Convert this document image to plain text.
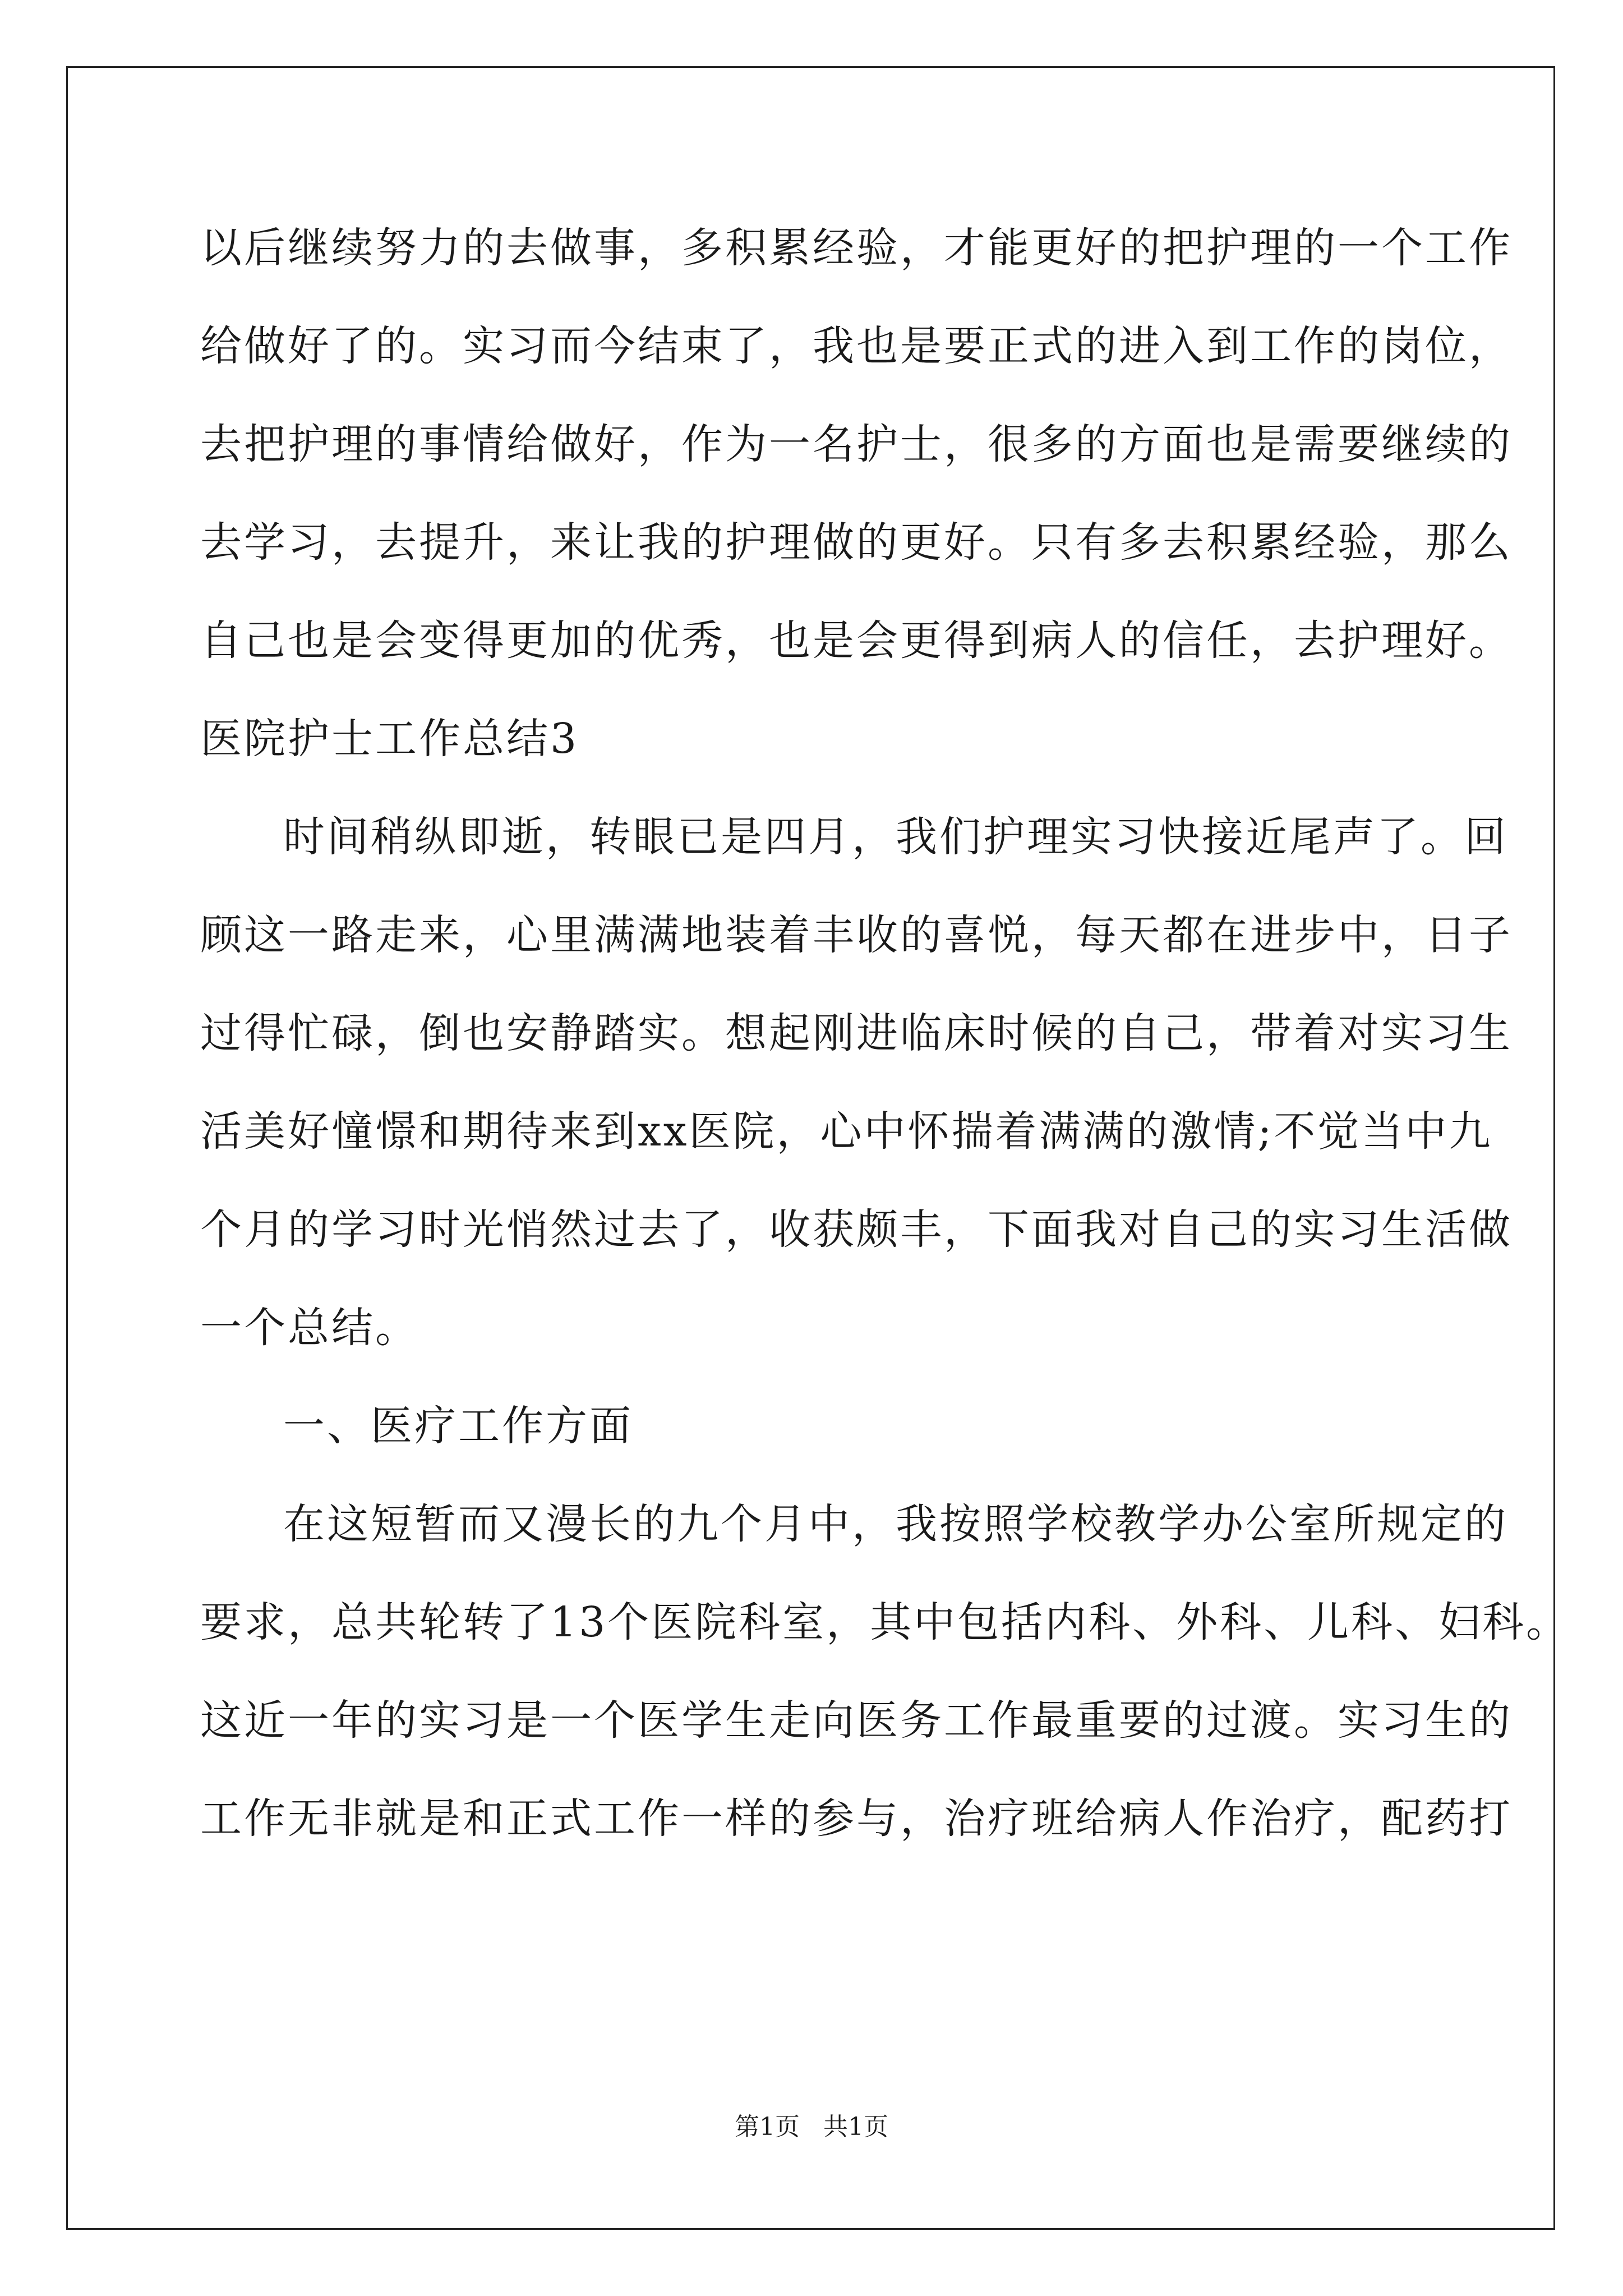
以后继续努力的去做事，多积累经验，才能更好的把护理的一个工作
给做好了的。实习而今结束了，我也是要正式的进入到工作的岗位，
去把护理的事情给做好，作为一名护士，很多的方面也是需要继续的
去学习，去提升，来让我的护理做的更好。只有多去积累经验，那么
自己也是会变得更加的优秀，也是会更得到病人的信任，去护理好。
医院护士工作总结3
时间稍纵即逝，转眼已是四月，我们护理实习快接近尾声了。回
顾这一路走来，心里满满地装着丰收的喜悦，每天都在进步中，日子
过得忙碌，倒也安静踏实。想起刚进临床时候的自己，带着对实习生
活美好憧憬和期待来到xx医院，心中怀揣着满满的激情;不觉当中九
个月的学习时光悄然过去了，收获颇丰，下面我对自己的实习生活做
一个总结。
一、医疗工作方面
在这短暂而又漫长的九个月中，我按照学校教学办公室所规定的
要求，总共轮转了13个医院科室，其中包括内科、外科、儿科、妇科。
这近一年的实习是一个医学生走向医务工作最重要的过渡。实习生的
工作无非就是和正式工作一样的参与，治疗班给病人作治疗，配药打
第1页   共1页
